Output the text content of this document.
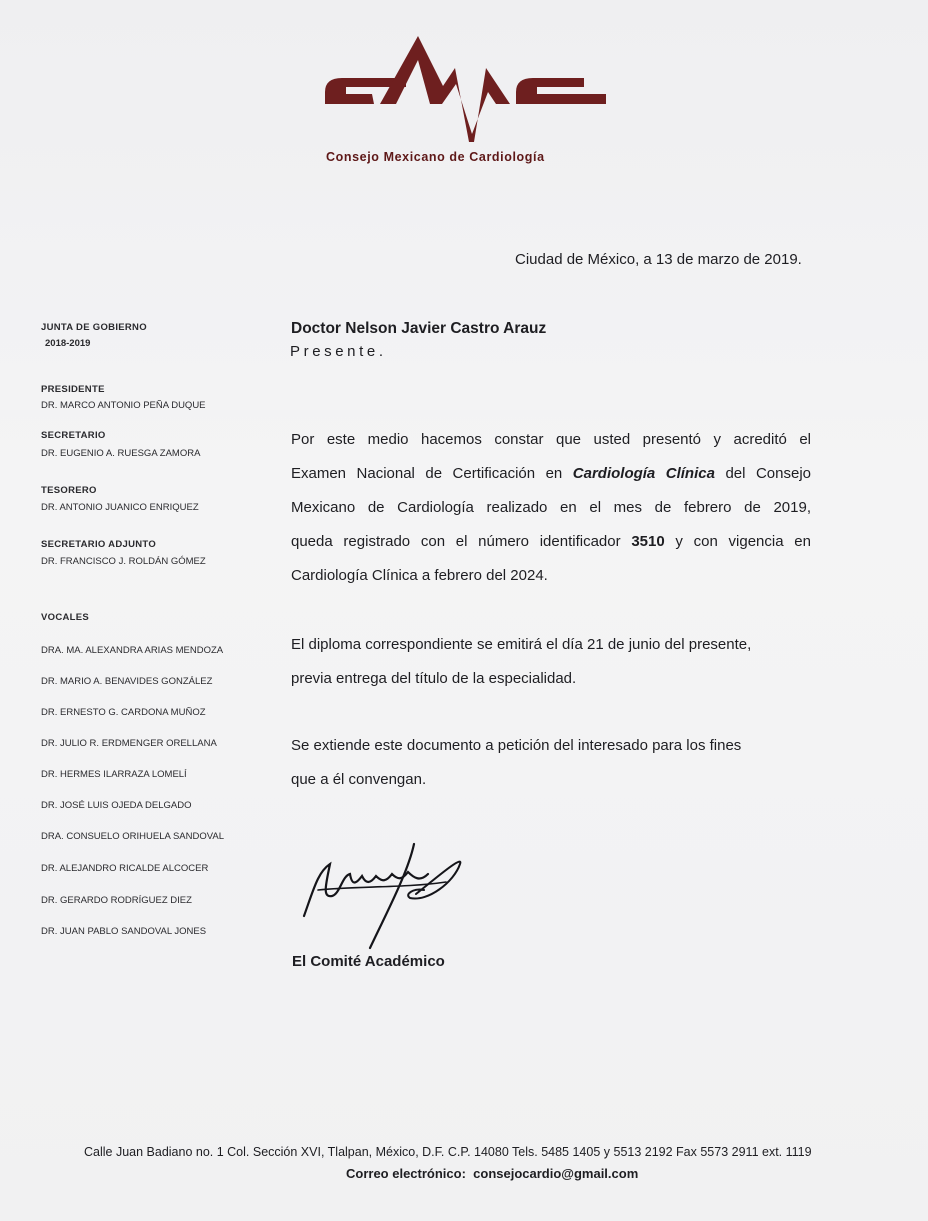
Consejo Mexicano de Cardiología
Ciudad de México, a 13 de marzo de 2019.
JUNTA DE GOBIERNO
2018-2019
PRESIDENTE
DR. MARCO ANTONIO PEÑA DUQUE
SECRETARIO
DR. EUGENIO A. RUESGA ZAMORA
TESORERO
DR. ANTONIO JUANICO ENRIQUEZ
SECRETARIO ADJUNTO
DR. FRANCISCO J. ROLDÁN GÓMEZ
VOCALES
DRA. MA. ALEXANDRA ARIAS MENDOZA
DR. MARIO A. BENAVIDES GONZÁLEZ
DR. ERNESTO G. CARDONA MUÑOZ
DR. JULIO R. ERDMENGER ORELLANA
DR. HERMES ILARRAZA LOMELÍ
DR. JOSÉ LUIS OJEDA DELGADO
DRA. CONSUELO ORIHUELA SANDOVAL
DR. ALEJANDRO RICALDE ALCOCER
DR. GERARDO RODRÍGUEZ DIEZ
DR. JUAN PABLO SANDOVAL JONES
Doctor Nelson Javier Castro Arauz
Presente.
Por este medio hacemos constar que usted presentó y acreditó el
Examen Nacional de Certificación en Cardiología Clínica del Consejo
Mexicano de Cardiología realizado en el mes de febrero de 2019,
queda registrado con el número identificador 3510 y con vigencia en
Cardiología Clínica a febrero del 2024.
El diploma correspondiente se emitirá el día 21 de junio del presente,
previa entrega del título de la especialidad.
Se extiende este documento a petición del interesado para los fines
que a él convengan.
El Comité Académico
Calle Juan Badiano no. 1 Col. Sección XVI, Tlalpan, México, D.F. C.P. 14080 Tels. 5485 1405 y 5513 2192 Fax 5573 2911 ext. 1119
Correo electrónico: consejocardio@gmail.com
